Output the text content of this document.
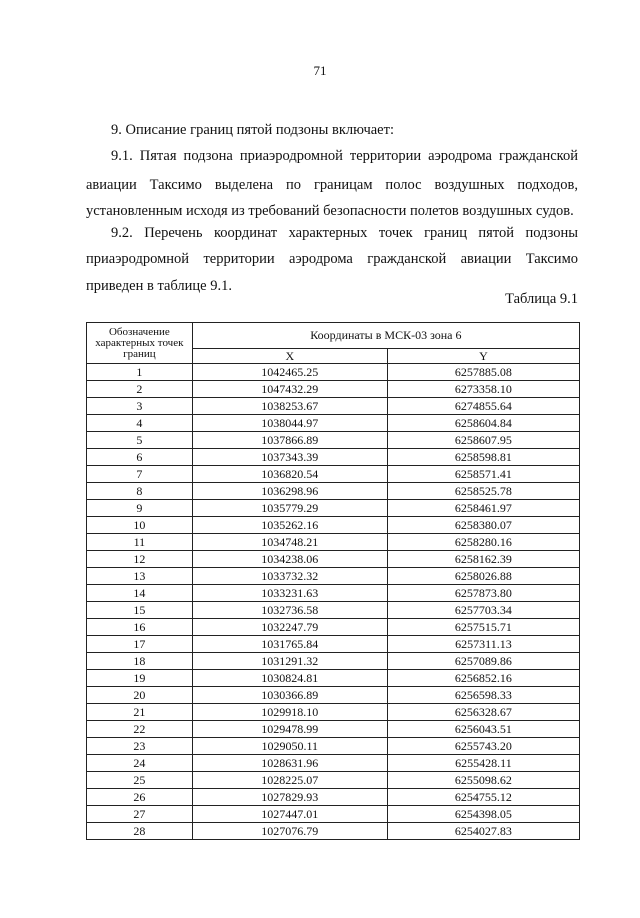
71
9. Описание границ пятой подзоны включает:
9.1. Пятая подзона приаэродромной территории аэродрома гражданской
авиации Таксимо выделена по границам полос воздушных подходов,
установленным исходя из требований безопасности полетов воздушных судов.
9.2. Перечень координат характерных точек границ пятой подзоны
приаэродромной территории аэродрома гражданской авиации Таксимо
приведен в таблице 9.1.
Таблица 9.1
Обозначение характерных точек границ	Координаты в МСК-03 зона 6	
	X	Y
1	1042465.25	6257885.08
2	1047432.29	6273358.10
3	1038253.67	6274855.64
4	1038044.97	6258604.84
5	1037866.89	6258607.95
6	1037343.39	6258598.81
7	1036820.54	6258571.41
8	1036298.96	6258525.78
9	1035779.29	6258461.97
10	1035262.16	6258380.07
11	1034748.21	6258280.16
12	1034238.06	6258162.39
13	1033732.32	6258026.88
14	1033231.63	6257873.80
15	1032736.58	6257703.34
16	1032247.79	6257515.71
17	1031765.84	6257311.13
18	1031291.32	6257089.86
19	1030824.81	6256852.16
20	1030366.89	6256598.33
21	1029918.10	6256328.67
22	1029478.99	6256043.51
23	1029050.11	6255743.20
24	1028631.96	6255428.11
25	1028225.07	6255098.62
26	1027829.93	6254755.12
27	1027447.01	6254398.05
28	1027076.79	6254027.83
